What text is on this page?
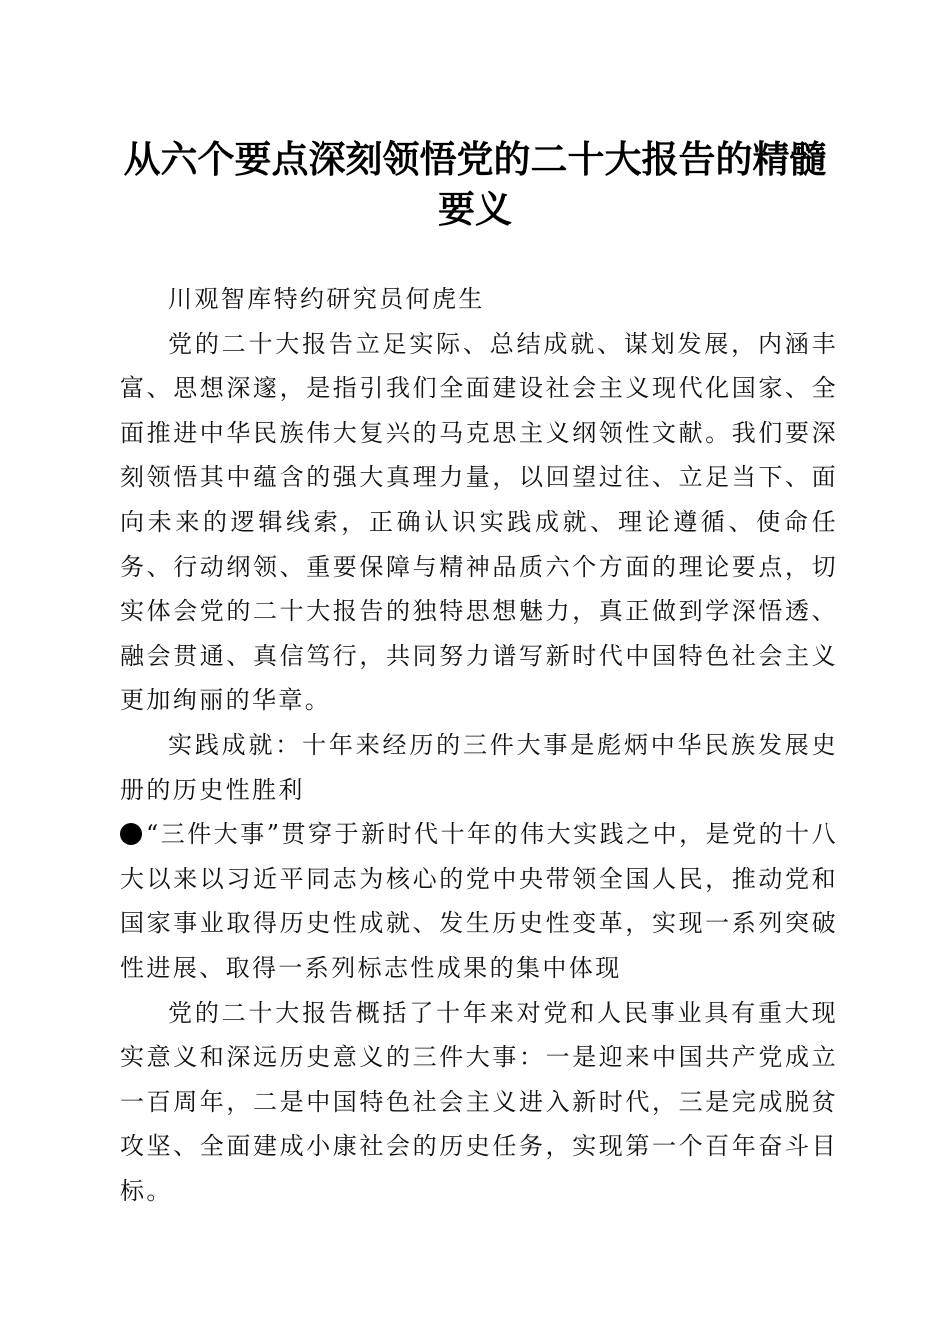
从六个要点深刻领悟党的二十大报告的精髓要义

川观智库特约研究员何虎生

党的二十大报告立足实际、总结成就、谋划发展，内涵丰富、思想深邃，是指引我们全面建设社会主义现代化国家、全面推进中华民族伟大复兴的马克思主义纲领性文献。我们要深刻领悟其中蕴含的强大真理力量，以回望过往、立足当下、面向未来的逻辑线索，正确认识实践成就、理论遵循、使命任务、行动纲领、重要保障与精神品质六个方面的理论要点，切实体会党的二十大报告的独特思想魅力，真正做到学深悟透、融会贯通、真信笃行，共同努力谱写新时代中国特色社会主义更加绚丽的华章。

实践成就：十年来经历的三件大事是彪炳中华民族发展史册的历史性胜利

“三件大事”贯穿于新时代十年的伟大实践之中，是党的十八大以来以习近平同志为核心的党中央带领全国人民，推动党和国家事业取得历史性成就、发生历史性变革，实现一系列突破性进展、取得一系列标志性成果的集中体现

党的二十大报告概括了十年来对党和人民事业具有重大现实意义和深远历史意义的三件大事：一是迎来中国共产党成立一百周年，二是中国特色社会主义进入新时代，三是完成脱贫攻坚、全面建成小康社会的历史任务，实现第一个百年奋斗目标。
